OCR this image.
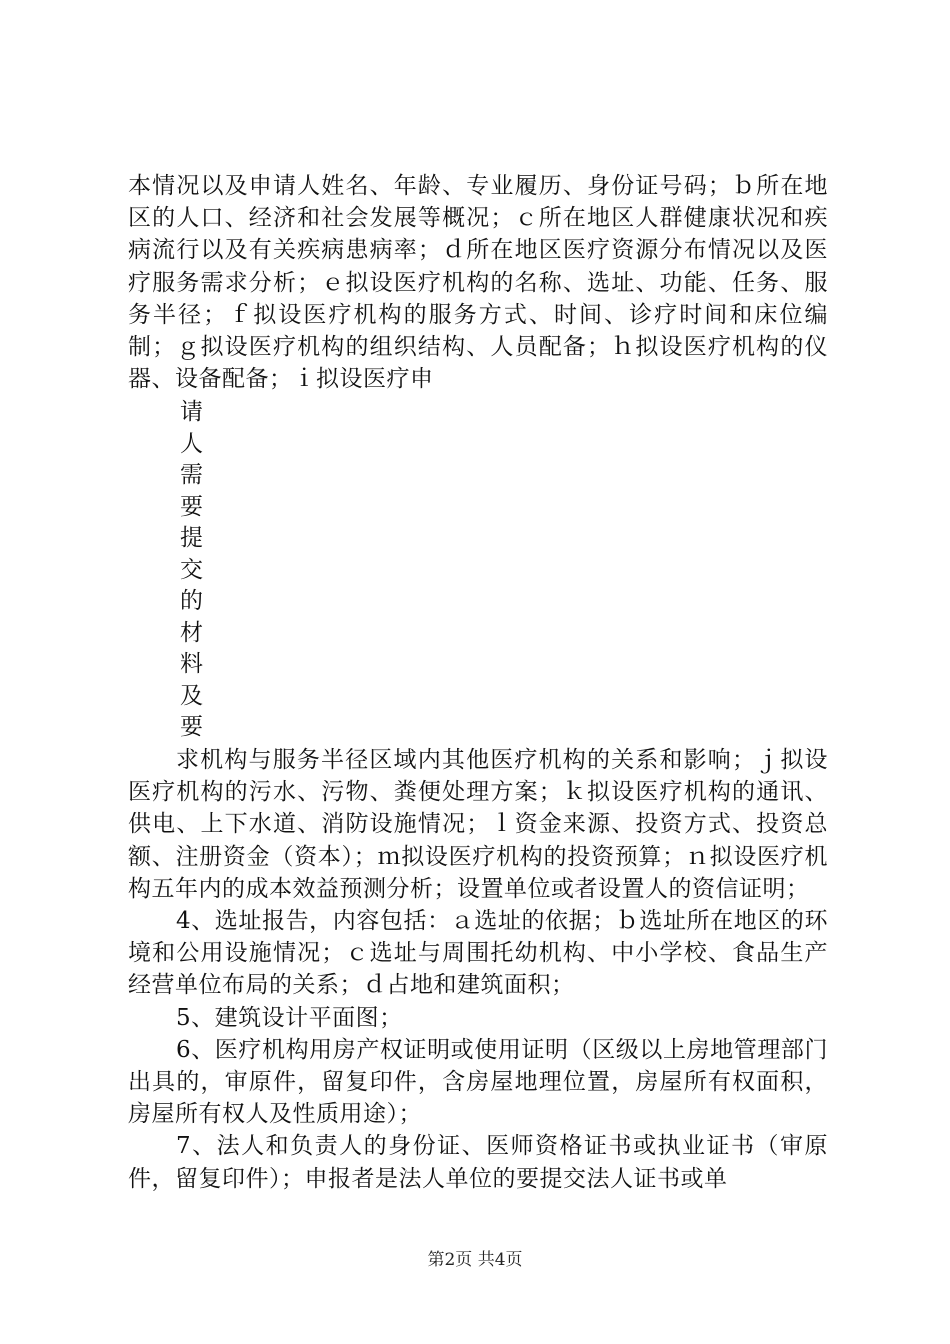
本情况以及申请人姓名、年龄、专业履历、身份证号码；ｂ所在地区的人口、经济和社会发展等概况；ｃ所在地区人群健康状况和疾病流行以及有关疾病患病率；ｄ所在地区医疗资源分布情况以及医疗服务需求分析；ｅ拟设医疗机构的名称、选址、功能、任务、服务半径；ｆ拟设医疗机构的服务方式、时间、诊疗时间和床位编制；ｇ拟设医疗机构的组织结构、人员配备；ｈ拟设医疗机构的仪器、设备配备；ｉ拟设医疗申

请
人
需
要
提
交
的
材
料
及
要

求机构与服务半径区域内其他医疗机构的关系和影响；ｊ拟设医疗机构的污水、污物、粪便处理方案；ｋ拟设医疗机构的通讯、供电、上下水道、消防设施情况；ｌ资金来源、投资方式、投资总额、注册资金（资本）；ｍ拟设医疗机构的投资预算；ｎ拟设医疗机构五年内的成本效益预测分析；设置单位或者设置人的资信证明；

4、选址报告，内容包括：ａ选址的依据；ｂ选址所在地区的环境和公用设施情况；ｃ选址与周围托幼机构、中小学校、食品生产经营单位布局的关系；ｄ占地和建筑面积；

5、建筑设计平面图；

6、医疗机构用房产权证明或使用证明（区级以上房地管理部门出具的，审原件，留复印件，含房屋地理位置，房屋所有权面积，房屋所有权人及性质用途）；

7、法人和负责人的身份证、医师资格证书或执业证书（审原件，留复印件）；申报者是法人单位的要提交法人证书或单

第2页 共4页
